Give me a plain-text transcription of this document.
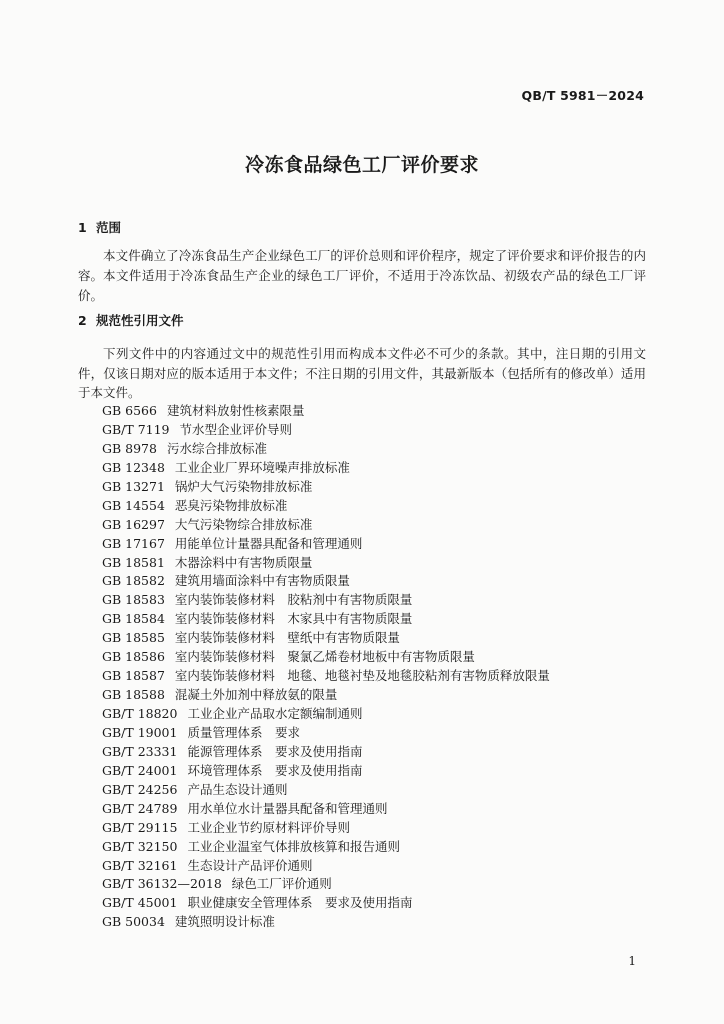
QB/T 5981－2024
冷冻食品绿色工厂评价要求
1 范围
本文件确立了冷冻食品生产企业绿色工厂的评价总则和评价程序，规定了评价要求和评价报告的内容。 本文件适用于冷冻食品生产企业的绿色工厂评价，不适用于冷冻饮品、初级农产品的绿色工厂评价。
2 规范性引用文件
下列文件中的内容通过文中的规范性引用而构成本文件必不可少的条款。其中，注日期的引用文件，仅该日期对应的版本适用于本文件；不注日期的引用文件，其最新版本（包括所有的修改单）适用于本文件。
GB 6566 建筑材料放射性核素限量
GB/T 7119 节水型企业评价导则
GB 8978 污水综合排放标准
GB 12348 工业企业厂界环境噪声排放标准
GB 13271 锅炉大气污染物排放标准
GB 14554 恶臭污染物排放标准
GB 16297 大气污染物综合排放标准
GB 17167 用能单位计量器具配备和管理通则
GB 18581 木器涂料中有害物质限量
GB 18582 建筑用墙面涂料中有害物质限量
GB 18583 室内装饰装修材料　胶粘剂中有害物质限量
GB 18584 室内装饰装修材料　木家具中有害物质限量
GB 18585 室内装饰装修材料　壁纸中有害物质限量
GB 18586 室内装饰装修材料　聚氯乙烯卷材地板中有害物质限量
GB 18587 室内装饰装修材料　地毯、地毯衬垫及地毯胶粘剂有害物质释放限量
GB 18588 混凝土外加剂中释放氨的限量
GB/T 18820 工业企业产品取水定额编制通则
GB/T 19001 质量管理体系　要求
GB/T 23331 能源管理体系　要求及使用指南
GB/T 24001 环境管理体系　要求及使用指南
GB/T 24256 产品生态设计通则
GB/T 24789 用水单位水计量器具配备和管理通则
GB/T 29115 工业企业节约原材料评价导则
GB/T 32150 工业企业温室气体排放核算和报告通则
GB/T 32161 生态设计产品评价通则
GB/T 36132—2018 绿色工厂评价通则
GB/T 45001 职业健康安全管理体系　要求及使用指南
GB 50034 建筑照明设计标准
1
